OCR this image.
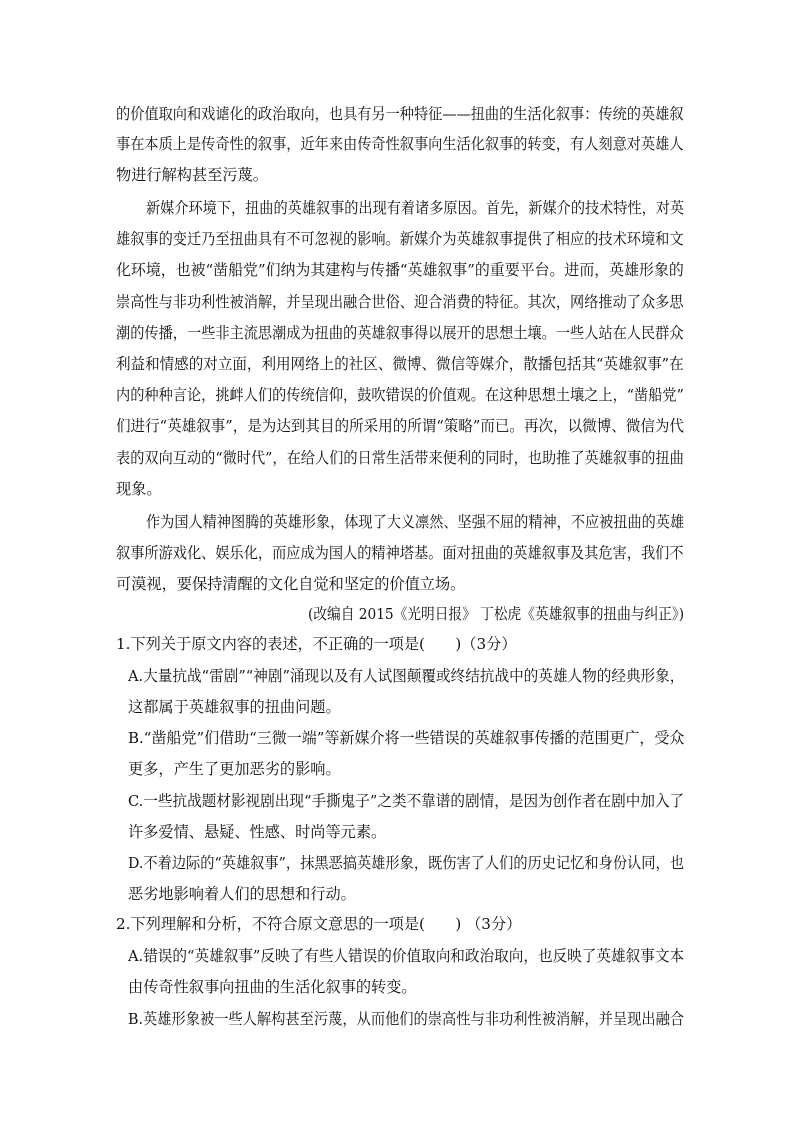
的价值取向和戏谑化的政治取向，也具有另一种特征——扭曲的生活化叙事：传统的英雄叙
事在本质上是传奇性的叙事，近年来由传奇性叙事向生活化叙事的转变，有人刻意对英雄人
物进行解构甚至污蔑。
新媒介环境下，扭曲的英雄叙事的出现有着诸多原因。首先，新媒介的技术特性，对英
雄叙事的变迁乃至扭曲具有不可忽视的影响。新媒介为英雄叙事提供了相应的技术环境和文
化环境，也被“凿船党”们纳为其建构与传播“英雄叙事”的重要平台。进而，英雄形象的
崇高性与非功利性被消解，并呈现出融合世俗、迎合消费的特征。其次，网络推动了众多思
潮的传播，一些非主流思潮成为扭曲的英雄叙事得以展开的思想土壤。一些人站在人民群众
利益和情感的对立面，利用网络上的社区、微博、微信等媒介，散播包括其“英雄叙事”在
内的种种言论，挑衅人们的传统信仰，鼓吹错误的价值观。在这种思想土壤之上，“凿船党”
们进行“英雄叙事”，是为达到其目的所采用的所谓“策略”而已。再次，以微博、微信为代
表的双向互动的“微时代”，在给人们的日常生活带来便利的同时，也助推了英雄叙事的扭曲
现象。
作为国人精神图腾的英雄形象，体现了大义凛然、坚强不屈的精神，不应被扭曲的英雄
叙事所游戏化、娱乐化，而应成为国人的精神塔基。面对扭曲的英雄叙事及其危害，我们不
可漠视，要保持清醒的文化自觉和坚定的价值立场。
(改编自 2015《光明日报》 丁松虎《英雄叙事的扭曲与纠正》)
1.下列关于原文内容的表述，不正确的一项是(　　)（3分）
A.大量抗战“雷剧”“神剧”涌现以及有人试图颠覆或终结抗战中的英雄人物的经典形象，
这都属于英雄叙事的扭曲问题。
B.“凿船党”们借助“三微一端”等新媒介将一些错误的英雄叙事传播的范围更广，受众
更多，产生了更加恶劣的影响。
C.一些抗战题材影视剧出现“手撕鬼子”之类不靠谱的剧情，是因为创作者在剧中加入了
许多爱情、悬疑、性感、时尚等元素。
D.不着边际的“英雄叙事”，抹黑恶搞英雄形象，既伤害了人们的历史记忆和身份认同，也
恶劣地影响着人们的思想和行动。
2.下列理解和分析，不符合原文意思的一项是(　　) （3分）
A.错误的“英雄叙事”反映了有些人错误的价值取向和政治取向，也反映了英雄叙事文本
由传奇性叙事向扭曲的生活化叙事的转变。
B.英雄形象被一些人解构甚至污蔑，从而他们的崇高性与非功利性被消解，并呈现出融合
